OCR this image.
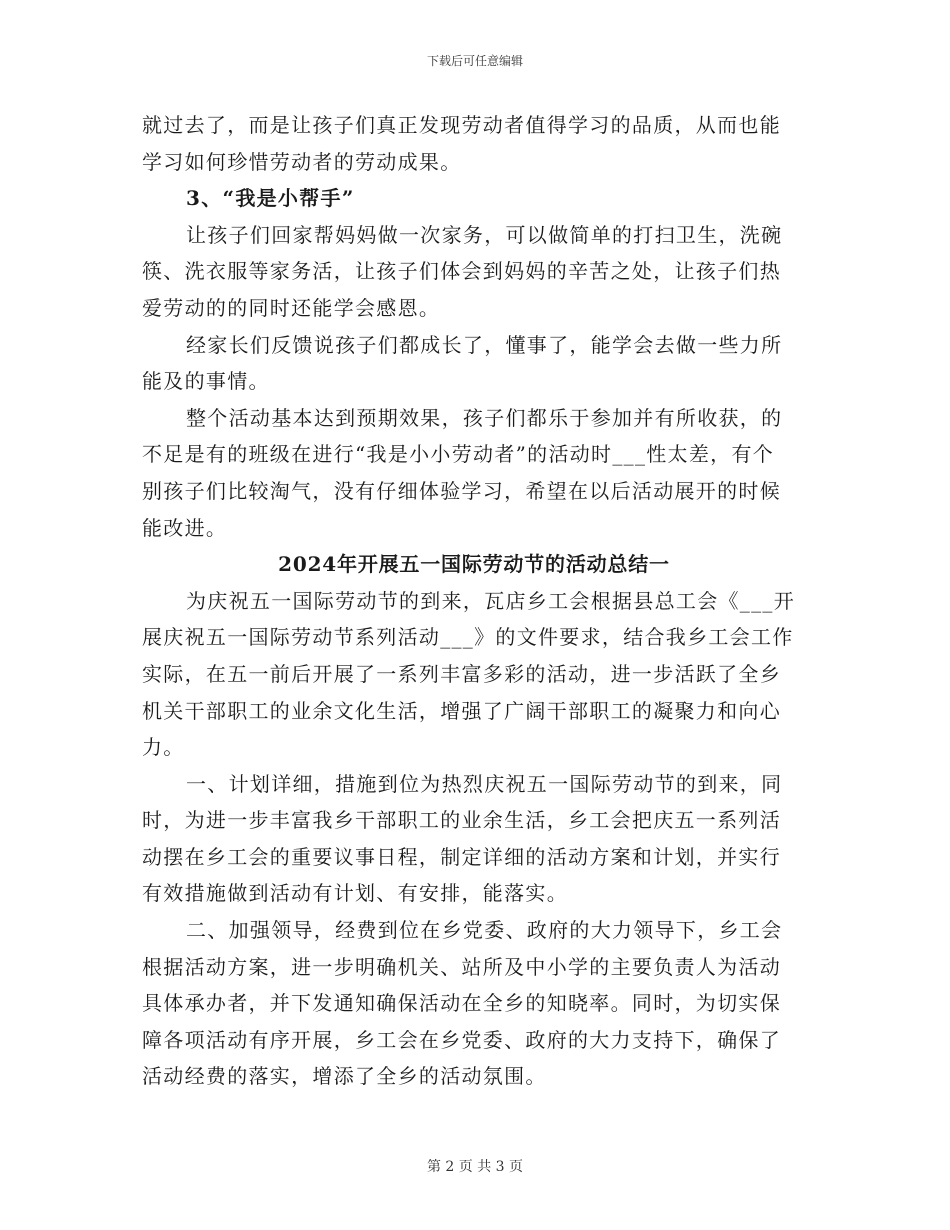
下载后可任意编辑
就过去了，而是让孩子们真正发现劳动者值得学习的品质，从而也能
学习如何珍惜劳动者的劳动成果。
3、“我是小帮手”
让孩子们回家帮妈妈做一次家务，可以做简单的打扫卫生，洗碗
筷、洗衣服等家务活，让孩子们体会到妈妈的辛苦之处，让孩子们热
爱劳动的的同时还能学会感恩。
经家长们反馈说孩子们都成长了，懂事了，能学会去做一些力所
能及的事情。
整个活动基本达到预期效果，孩子们都乐于参加并有所收获，的
不足是有的班级在进行“我是小小劳动者”的活动时___性太差，有个
别孩子们比较淘气，没有仔细体验学习，希望在以后活动展开的时候
能改进。
2024年开展五一国际劳动节的活动总结一
为庆祝五一国际劳动节的到来，瓦店乡工会根据县总工会《___开
展庆祝五一国际劳动节系列活动___》的文件要求，结合我乡工会工作
实际，在五一前后开展了一系列丰富多彩的活动，进一步活跃了全乡
机关干部职工的业余文化生活，增强了广阔干部职工的凝聚力和向心
力。
一、计划详细，措施到位为热烈庆祝五一国际劳动节的到来，同
时，为进一步丰富我乡干部职工的业余生活，乡工会把庆五一系列活
动摆在乡工会的重要议事日程，制定详细的活动方案和计划，并实行
有效措施做到活动有计划、有安排，能落实。
二、加强领导，经费到位在乡党委、政府的大力领导下，乡工会
根据活动方案，进一步明确机关、站所及中小学的主要负责人为活动
具体承办者，并下发通知确保活动在全乡的知晓率。同时，为切实保
障各项活动有序开展，乡工会在乡党委、政府的大力支持下，确保了
活动经费的落实，增添了全乡的活动氛围。
第 2 页 共 3 页
